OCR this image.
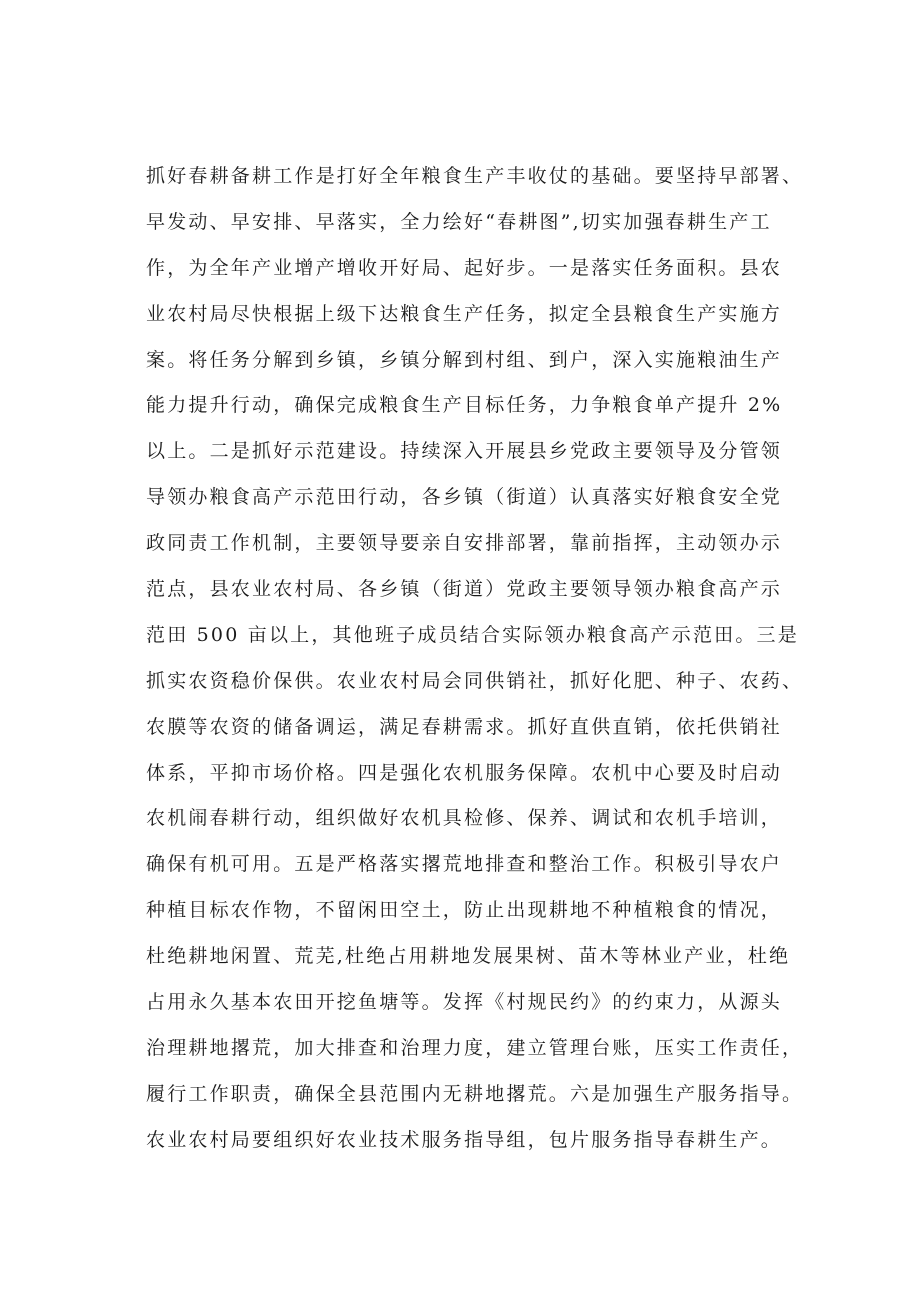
抓好春耕备耕工作是打好全年粮食生产丰收仗的基础。要坚持早部署、
早发动、早安排、早落实，全力绘好“春耕图”,切实加强春耕生产工
作，为全年产业增产增收开好局、起好步。一是落实任务面积。县农
业农村局尽快根据上级下达粮食生产任务，拟定全县粮食生产实施方
案。将任务分解到乡镇，乡镇分解到村组、到户，深入实施粮油生产
能力提升行动，确保完成粮食生产目标任务，力争粮食单产提升 2%
以上。二是抓好示范建设。持续深入开展县乡党政主要领导及分管领
导领办粮食高产示范田行动，各乡镇（街道）认真落实好粮食安全党
政同责工作机制，主要领导要亲自安排部署，靠前指挥，主动领办示
范点，县农业农村局、各乡镇（街道）党政主要领导领办粮食高产示
范田 500 亩以上，其他班子成员结合实际领办粮食高产示范田。三是
抓实农资稳价保供。农业农村局会同供销社，抓好化肥、种子、农药、
农膜等农资的储备调运，满足春耕需求。抓好直供直销，依托供销社
体系，平抑市场价格。四是强化农机服务保障。农机中心要及时启动
农机闹春耕行动，组织做好农机具检修、保养、调试和农机手培训，
确保有机可用。五是严格落实撂荒地排查和整治工作。积极引导农户
种植目标农作物，不留闲田空土，防止出现耕地不种植粮食的情况，
杜绝耕地闲置、荒芜,杜绝占用耕地发展果树、苗木等林业产业，杜绝
占用永久基本农田开挖鱼塘等。发挥《村规民约》的约束力，从源头
治理耕地撂荒，加大排查和治理力度，建立管理台账，压实工作责任，
履行工作职责，确保全县范围内无耕地撂荒。六是加强生产服务指导。
农业农村局要组织好农业技术服务指导组，包片服务指导春耕生产。
